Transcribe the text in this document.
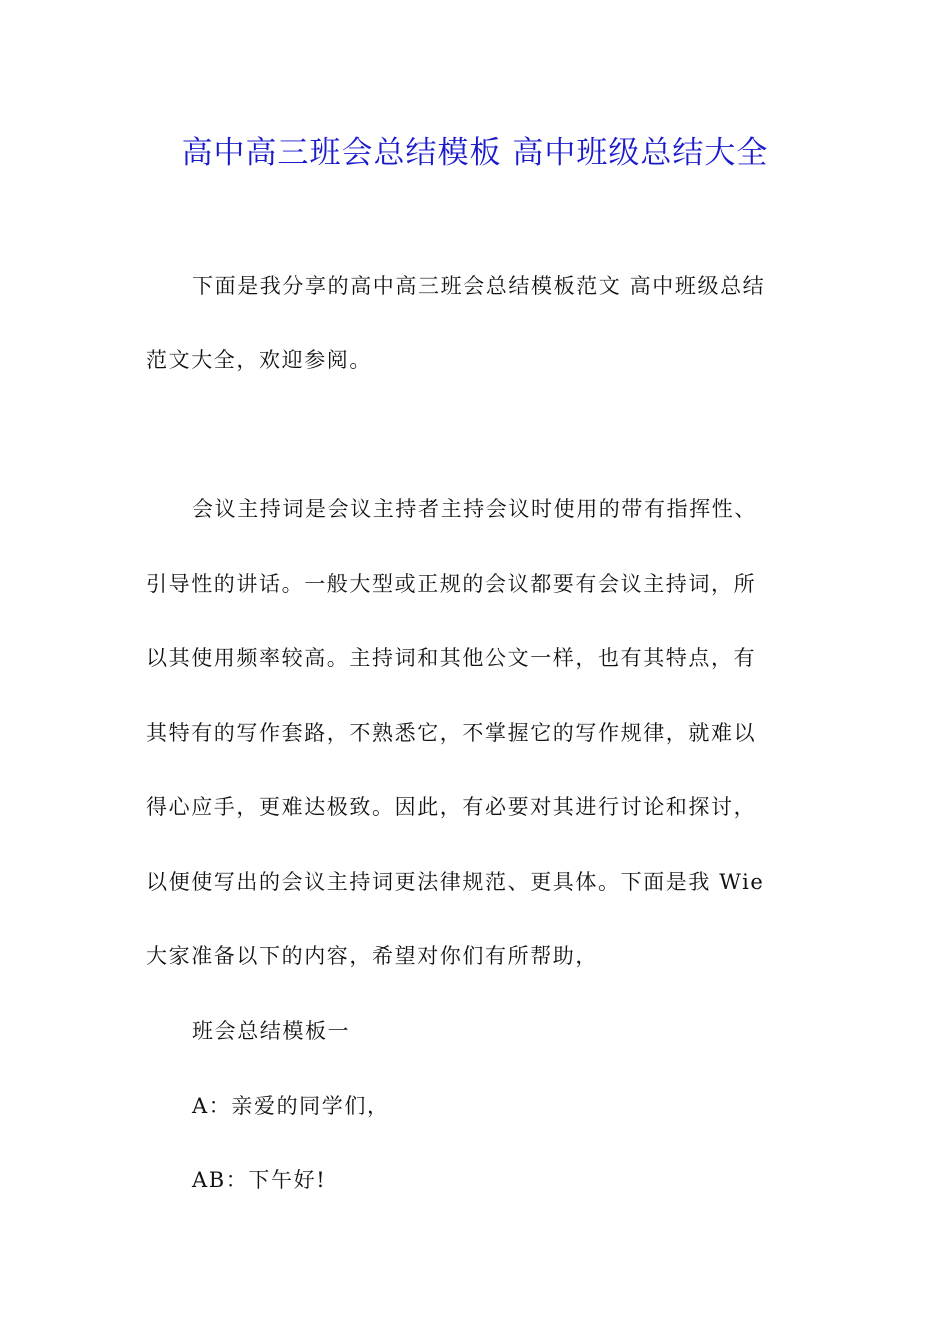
高中高三班会总结模板 高中班级总结大全
下面是我分享的高中高三班会总结模板范文 高中班级总结
范文大全，欢迎参阅。
会议主持词是会议主持者主持会议时使用的带有指挥性、
引导性的讲话。一般大型或正规的会议都要有会议主持词，所
以其使用频率较高。主持词和其他公文一样，也有其特点，有
其特有的写作套路，不熟悉它，不掌握它的写作规律，就难以
得心应手，更难达极致。因此，有必要对其进行讨论和探讨，
以便使写出的会议主持词更法律规范、更具体。下面是我 Wie
大家准备以下的内容，希望对你们有所帮助，
班会总结模板一
A：亲爱的同学们，
AB：下午好!
